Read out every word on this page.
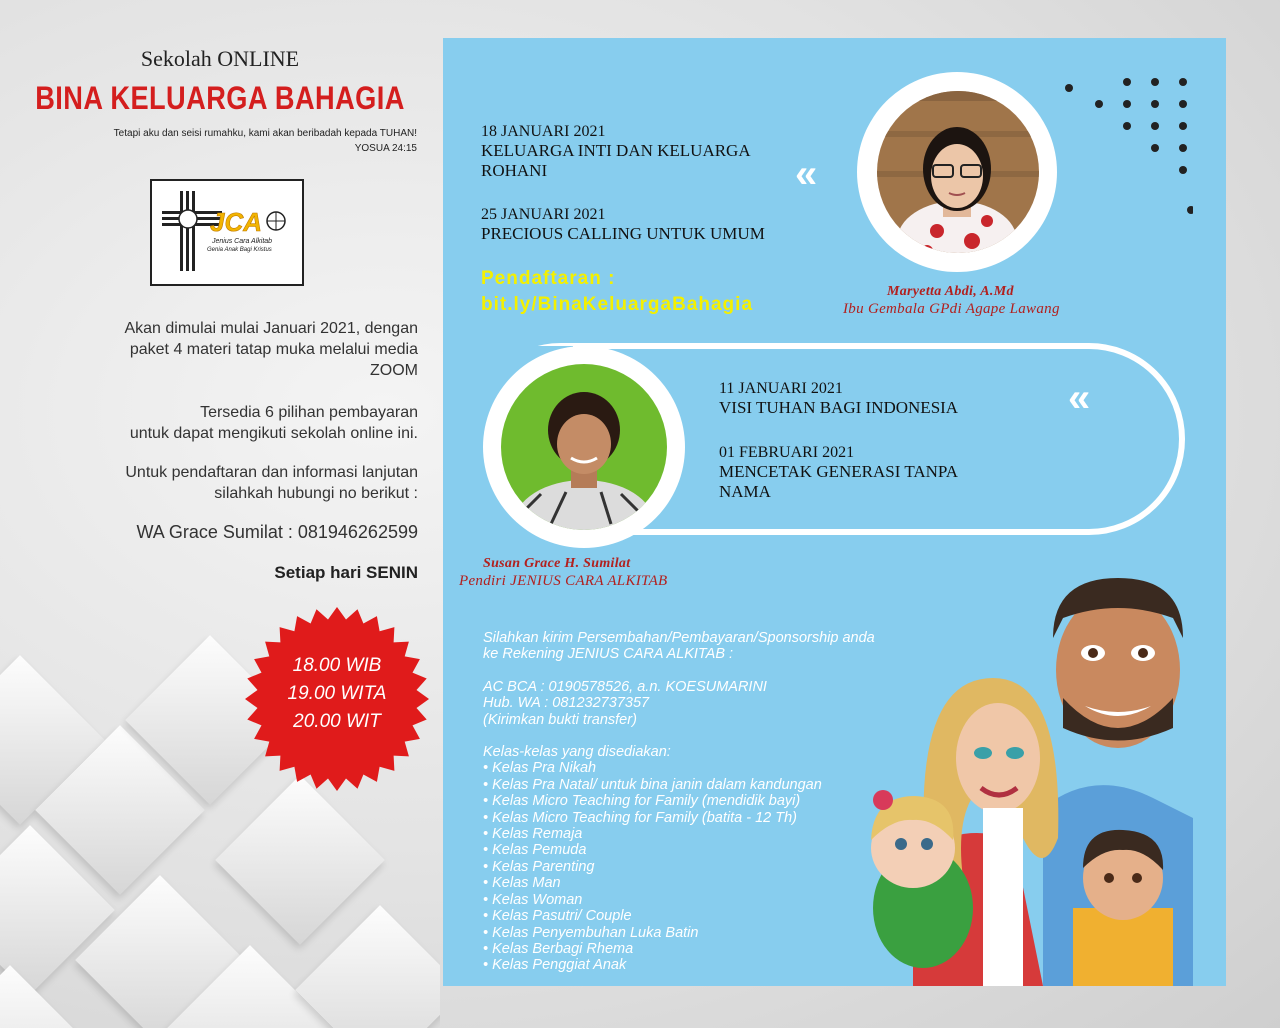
Sekolah ONLINE
BINA KELUARGA BAHAGIA
Tetapi aku dan seisi rumahku, kami akan beribadah kepada TUHAN!
YOSUA 24:15
JCA
Jenius Cara Alkitab
Genia Anak Bagi Kristus

Akan dimulai mulai Januari 2021, dengan

paket 4 materi tatap muka melalui media

ZOOM

Tersedia 6 pilihan pembayaran

untuk dapat mengikuti sekolah online ini.

Untuk pendaftaran dan informasi lanjutan

silahkah hubungi no berikut :

WA Grace Sumilat : 081946262599
Setiap hari SENIN
18.00 WIB
19.00 WITA
20.00 WIT
18 JANUARI 2021
KELUARGA INTI DAN KELUARGA
ROHANI
25 JANUARI 2021
PRECIOUS CALLING UNTUK UMUM
«
Pendaftaran :
bit.ly/BinaKeluargaBahagia
Maryetta Abdi, A.Md
Ibu Gembala GPdi Agape Lawang
11 JANUARI 2021
VISI TUHAN BAGI INDONESIA
01 FEBRUARI 2021
MENCETAK GENERASI TANPA
NAMA
«
Susan Grace H. Sumilat
Pendiri JENIUS CARA ALKITAB

Silahkan kirim Persembahan/Pembayaran/Sponsorship anda

ke Rekening JENIUS CARA ALKITAB :

AC BCA : 0190578526, a.n. KOESUMARINI

Hub. WA : 081232737357

(Kirimkan bukti transfer)

Kelas-kelas yang disediakan:

• Kelas Pra Nikah
• Kelas Pra Natal/ untuk bina janin dalam kandungan
• Kelas Micro Teaching for Family (mendidik bayi)
• Kelas Micro Teaching for Family (batita - 12 Th)
• Kelas Remaja
• Kelas Pemuda
• Kelas Parenting
• Kelas Man
• Kelas Woman
• Kelas Pasutri/ Couple
• Kelas Penyembuhan Luka Batin
• Kelas Berbagi Rhema
• Kelas Penggiat Anak
